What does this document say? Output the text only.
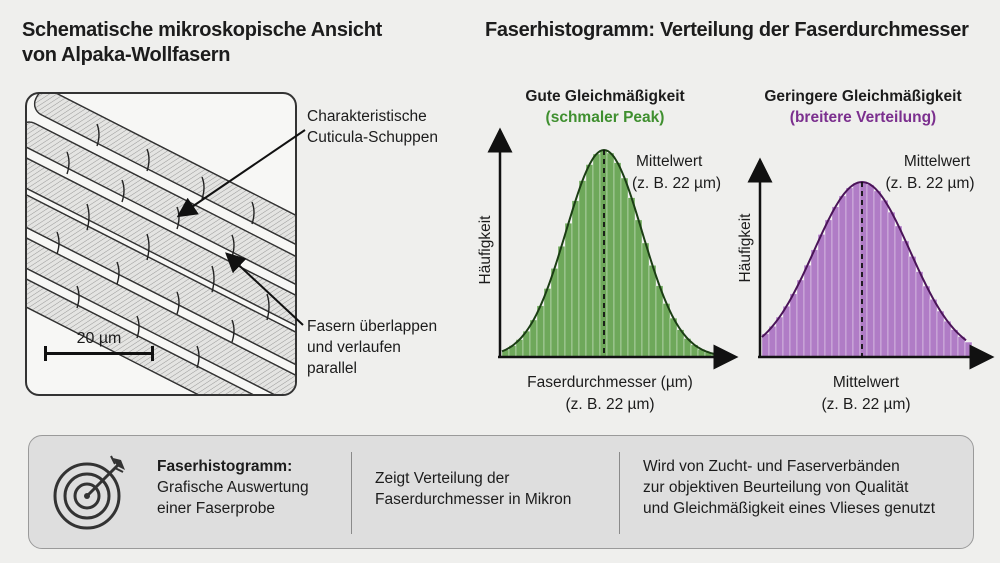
Schematische mikroskopische Ansicht
von Alpaka-Wollfasern
Charakteristische
Cuticula-Schuppen
Fasern überlappen
und verlaufen
parallel
20 µm
Faserhistogramm: Verteilung der Faserdurchmesser
Gute Gleichmäßigkeit
(schmaler Peak)
Geringere Gleichmäßigkeit
(breitere Verteilung)
Häufigkeit
Mittelwert
(z. B. 22 µm)
Faserdurchmesser (µm)
(z. B. 22 µm)
Häufigkeit
Mittelwert
(z. B. 22 µm)
Mittelwert
(z. B. 22 µm)
Faserhistogramm:
Grafische Auswertung
einer Faserprobe
Zeigt Verteilung der
Faserdurchmesser in Mikron
Wird von Zucht- und Faserverbänden
zur objektiven Beurteilung von Qualität
und Gleichmäßigkeit eines Vlieses genutzt
